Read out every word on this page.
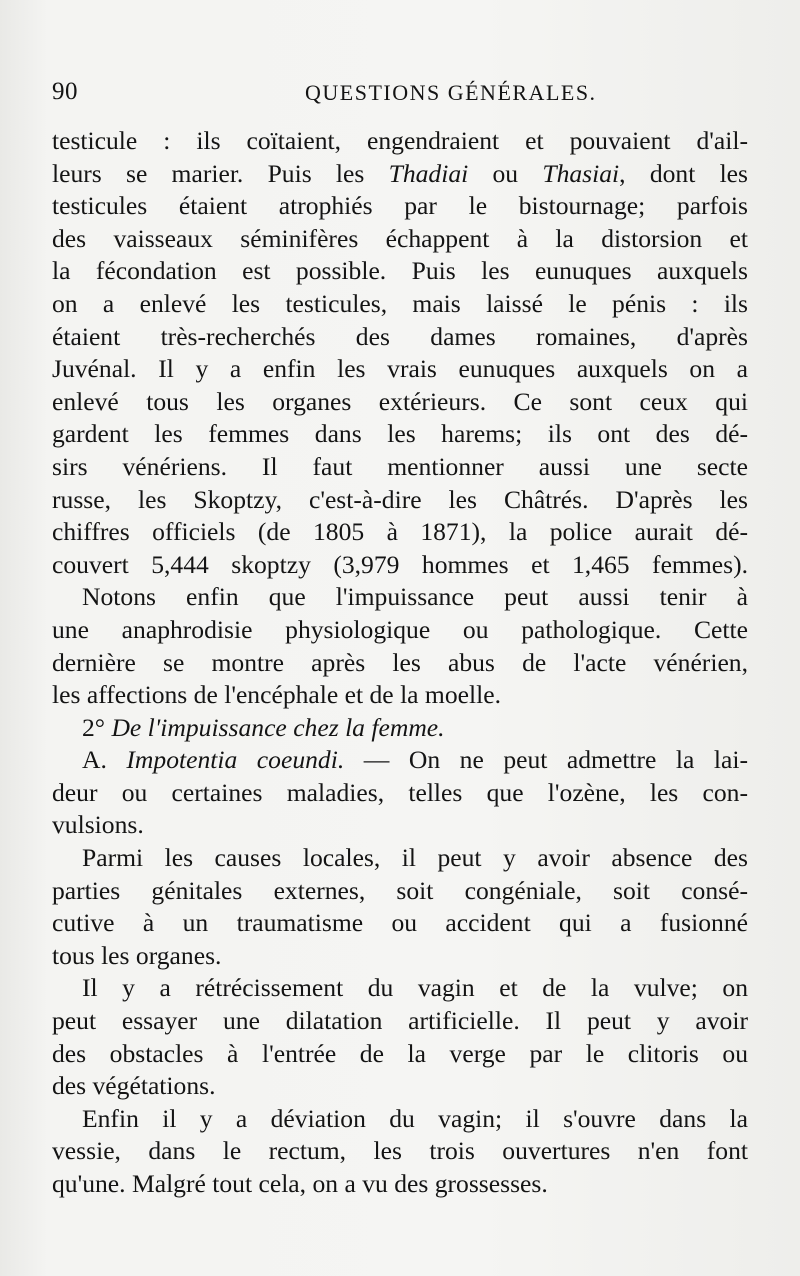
90	QUESTIONS GÉNÉRALES.
testicule : ils coïtaient, engendraient et pouvaient d'ail-
leurs se marier. Puis les Thadiai ou Thasiai, dont les
testicules étaient atrophiés par le bistournage; parfois
des vaisseaux séminifères échappent à la distorsion et
la fécondation est possible. Puis les eunuques auxquels
on a enlevé les testicules, mais laissé le pénis : ils
étaient très-recherchés des dames romaines, d'après
Juvénal. Il y a enfin les vrais eunuques auxquels on a
enlevé tous les organes extérieurs. Ce sont ceux qui
gardent les femmes dans les harems; ils ont des dé-
sirs vénériens. Il faut mentionner aussi une secte
russe, les Skoptzy, c'est-à-dire les Châtrés. D'après les
chiffres officiels (de 1805 à 1871), la police aurait dé-
couvert 5,444 skoptzy (3,979 hommes et 1,465 femmes).
Notons enfin que l'impuissance peut aussi tenir à
une anaphrodisie physiologique ou pathologique. Cette
dernière se montre après les abus de l'acte vénérien,
les affections de l'encéphale et de la moelle.
2° De l'impuissance chez la femme.
A. Impotentia coeundi. — On ne peut admettre la lai-
deur ou certaines maladies, telles que l'ozène, les con-
vulsions.
Parmi les causes locales, il peut y avoir absence des
parties génitales externes, soit congéniale, soit consé-
cutive à un traumatisme ou accident qui a fusionné
tous les organes.
Il y a rétrécissement du vagin et de la vulve; on
peut essayer une dilatation artificielle. Il peut y avoir
des obstacles à l'entrée de la verge par le clitoris ou
des végétations.
Enfin il y a déviation du vagin; il s'ouvre dans la
vessie, dans le rectum, les trois ouvertures n'en font
qu'une. Malgré tout cela, on a vu des grossesses.
